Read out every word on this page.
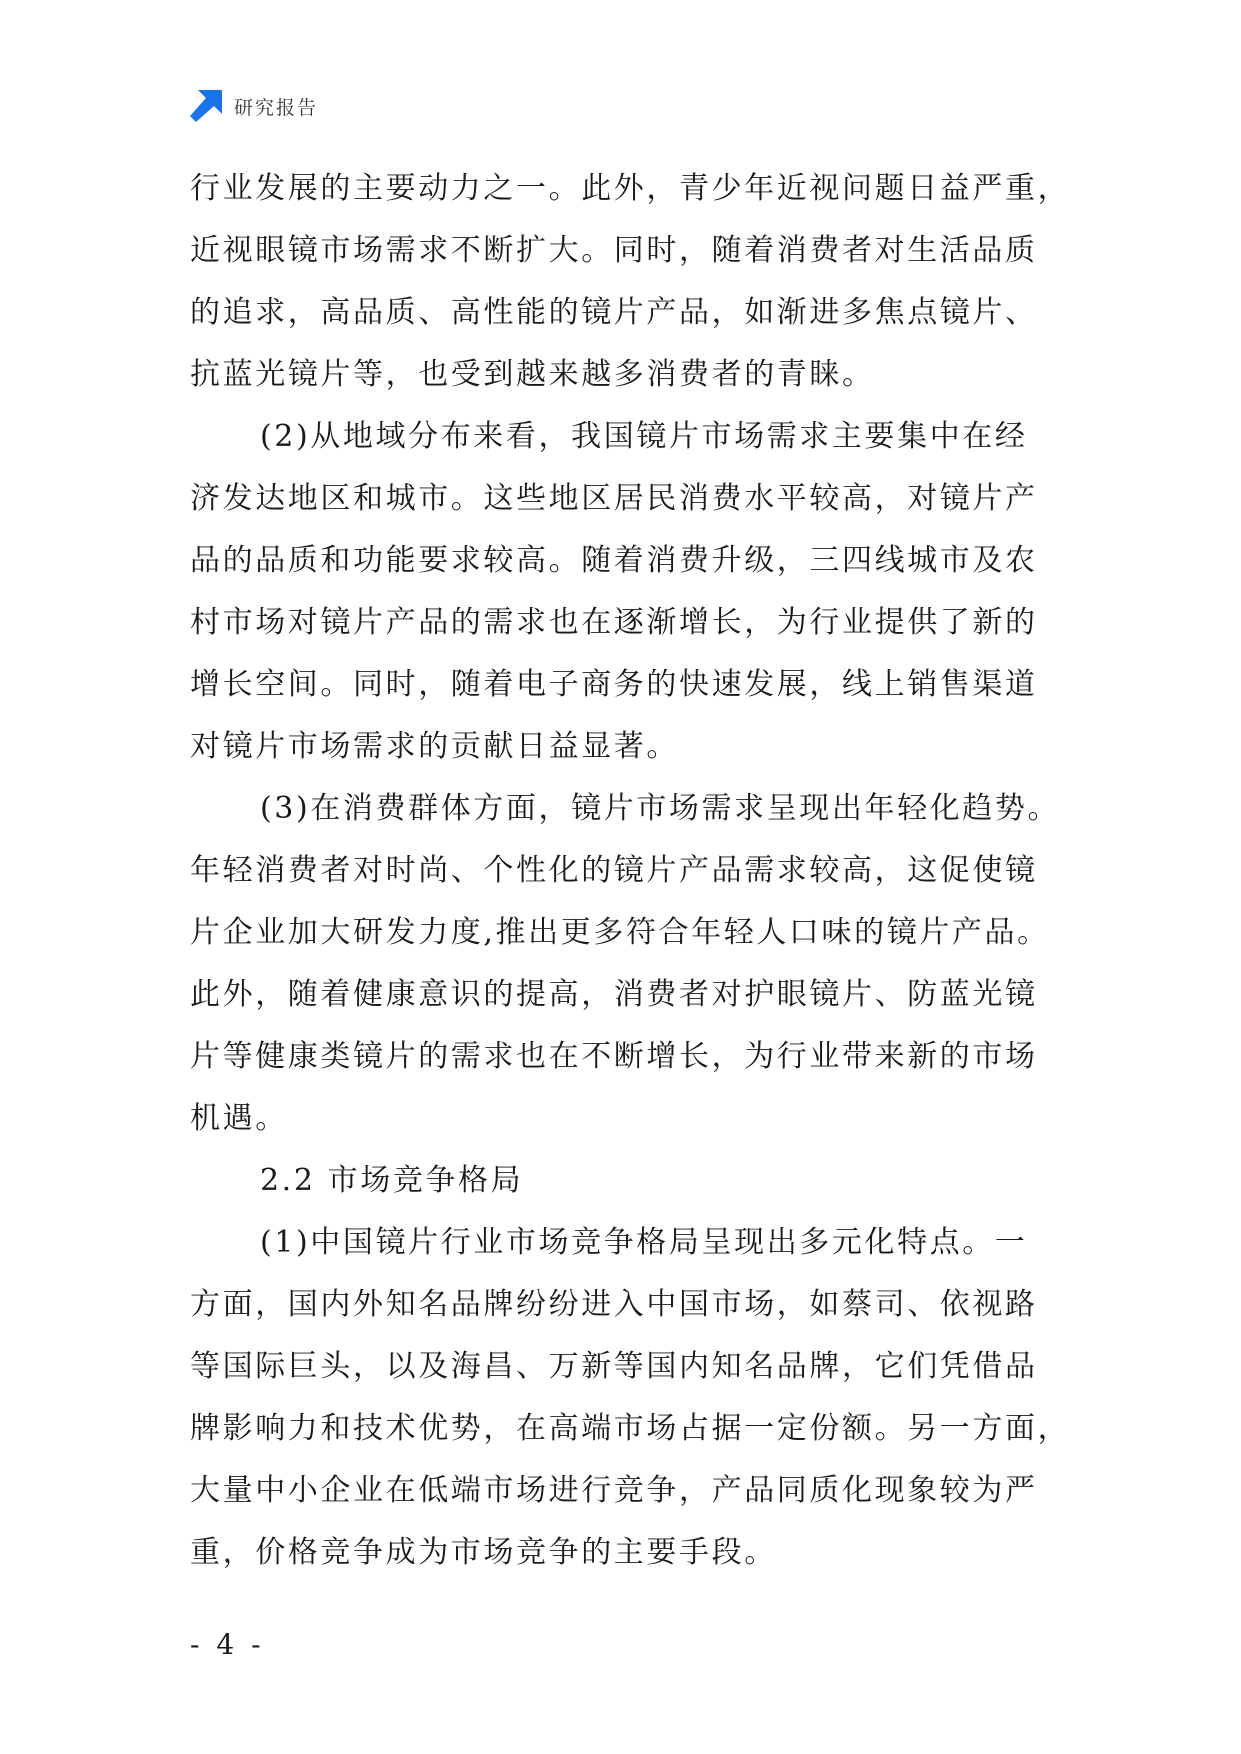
研究报告
行业发展的主要动力之一。此外，青少年近视问题日益严重，
近视眼镜市场需求不断扩大。同时，随着消费者对生活品质
的追求，高品质、高性能的镜片产品，如渐进多焦点镜片、
抗蓝光镜片等，也受到越来越多消费者的青睐。
(2)从地域分布来看，我国镜片市场需求主要集中在经
济发达地区和城市。这些地区居民消费水平较高，对镜片产
品的品质和功能要求较高。随着消费升级，三四线城市及农
村市场对镜片产品的需求也在逐渐增长，为行业提供了新的
增长空间。同时，随着电子商务的快速发展，线上销售渠道
对镜片市场需求的贡献日益显著。
(3)在消费群体方面，镜片市场需求呈现出年轻化趋势。
年轻消费者对时尚、个性化的镜片产品需求较高，这促使镜
片企业加大研发力度,推出更多符合年轻人口味的镜片产品。
此外，随着健康意识的提高，消费者对护眼镜片、防蓝光镜
片等健康类镜片的需求也在不断增长，为行业带来新的市场
机遇。
2.2 市场竞争格局
(1)中国镜片行业市场竞争格局呈现出多元化特点。一
方面，国内外知名品牌纷纷进入中国市场，如蔡司、依视路
等国际巨头，以及海昌、万新等国内知名品牌，它们凭借品
牌影响力和技术优势，在高端市场占据一定份额。另一方面，
大量中小企业在低端市场进行竞争，产品同质化现象较为严
重，价格竞争成为市场竞争的主要手段。
- 4 -
